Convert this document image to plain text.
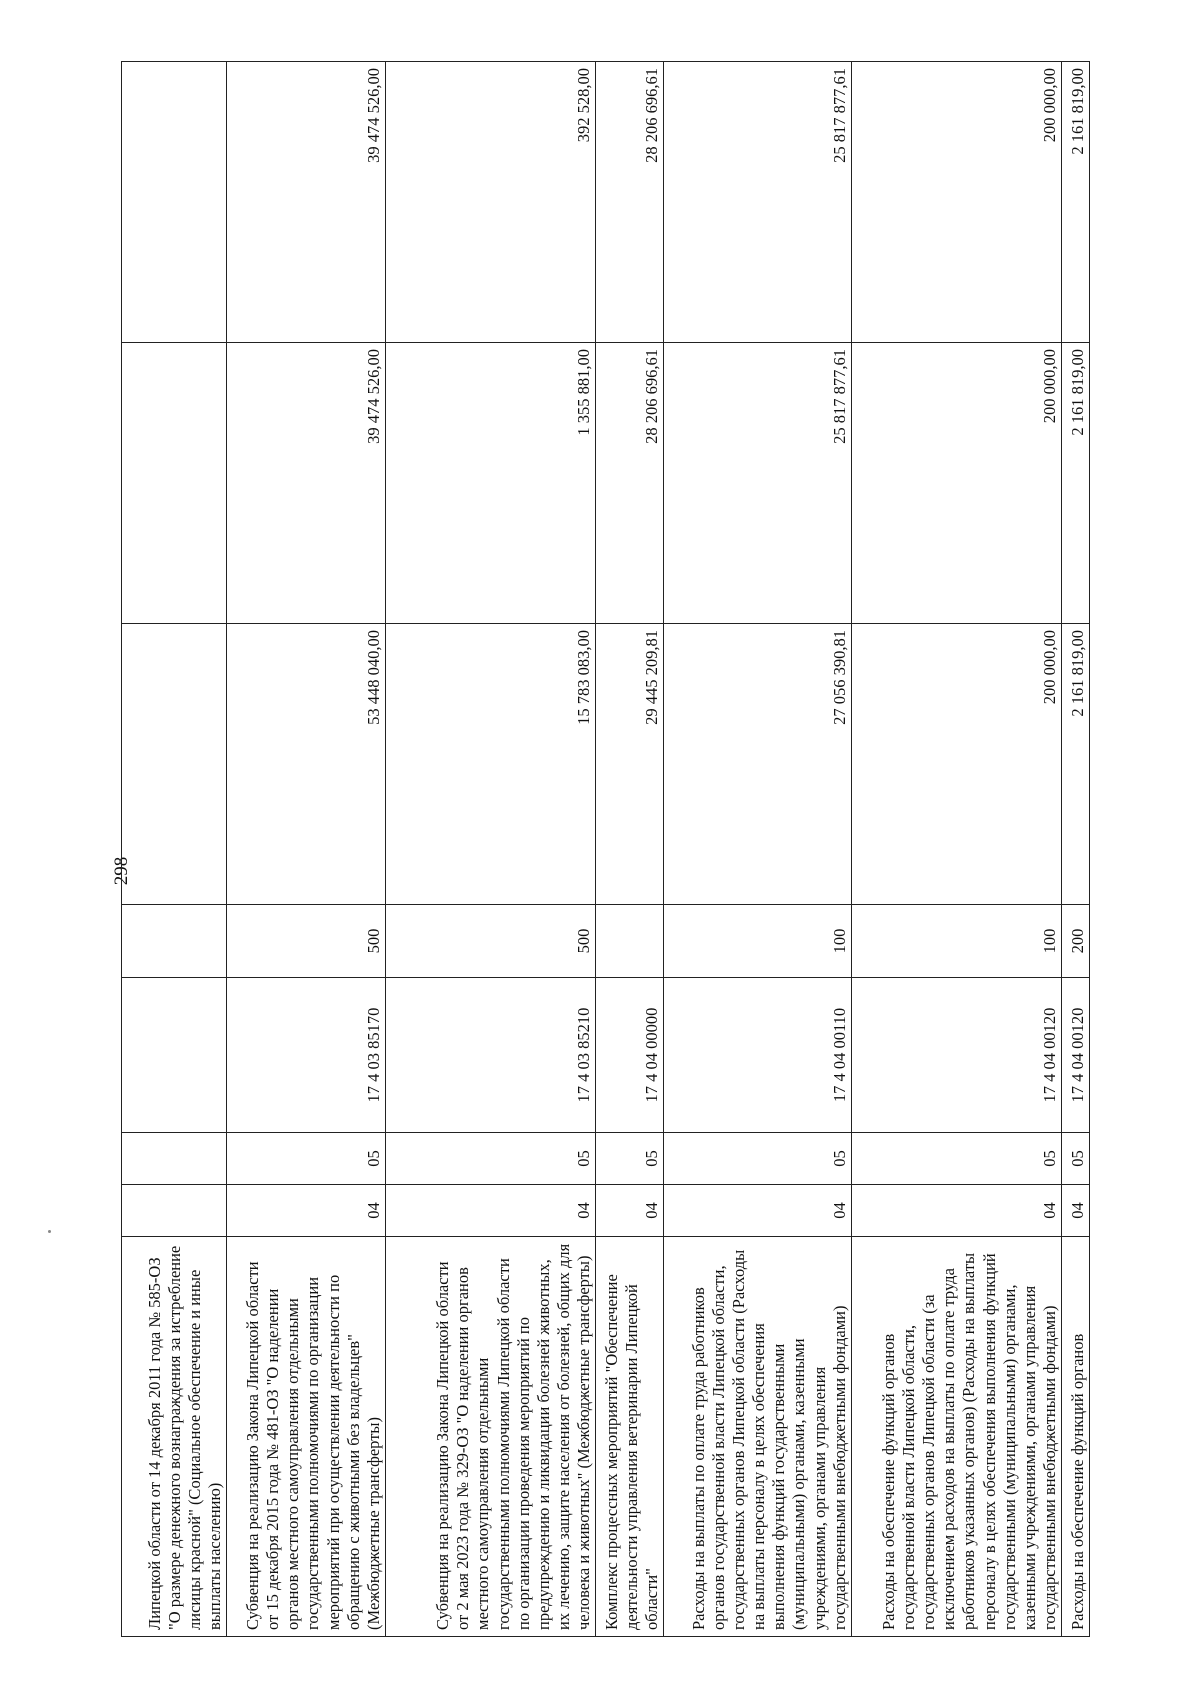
298
Липецкой области от 14 декабря 2011 года № 585-ОЗ "О размере денежного вознаграждения за истребление лисицы красной" (Социальное обеспечение и иные выплаты населению)							
Субвенция на реализацию Закона Липецкой области от 15 декабря 2015 года № 481-ОЗ "О наделении органов местного самоуправления отдельными государственными полномочиями по организации мероприятий при осуществлении деятельности по обращению с животными без владельцев" (Межбюджетные трансферты)	04	05	17 4 03 85170	500	53 448 040,00	39 474 526,00	39 474 526,00
Субвенция на реализацию Закона Липецкой области от 2 мая 2023 года № 329-ОЗ "О наделении органов местного самоуправления отдельными государственными полномочиями Липецкой области по организации проведения мероприятий по предупреждению и ликвидации болезней животных, их лечению, защите населения от болезней, общих для человека и животных" (Межбюджетные трансферты)	04	05	17 4 03 85210	500	15 783 083,00	1 355 881,00	392 528,00
Комплекс процессных мероприятий "Обеспечение деятельности управления ветеринарии Липецкой области"	04	05	17 4 04 00000		29 445 209,81	28 206 696,61	28 206 696,61
Расходы на выплаты по оплате труда работников органов государственной власти Липецкой области, государственных органов Липецкой области (Расходы на выплаты персоналу в целях обеспечения выполнения функций государственными (муниципальными) органами, казенными учреждениями, органами управления государственными внебюджетными фондами)	04	05	17 4 04 00110	100	27 056 390,81	25 817 877,61	25 817 877,61
Расходы на обеспечение функций органов государственной власти Липецкой области, государственных органов Липецкой области (за исключением расходов на выплаты по оплате труда работников указанных органов) (Расходы на выплаты персоналу в целях обеспечения выполнения функций государственными (муниципальными) органами, казенными учреждениями, органами управления государственными внебюджетными фондами)	04	05	17 4 04 00120	100	200 000,00	200 000,00	200 000,00
Расходы на обеспечение функций органов	04	05	17 4 04 00120	200	2 161 819,00	2 161 819,00	2 161 819,00
